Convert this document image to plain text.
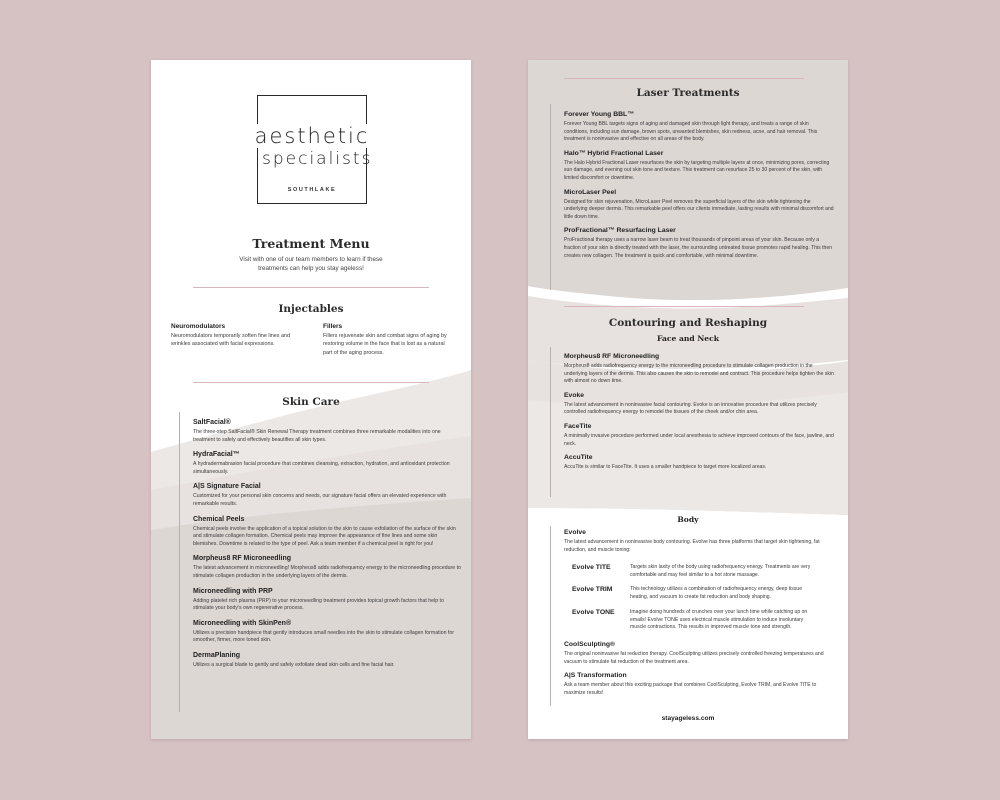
aesthetic
specialists
SOUTHLAKE
Treatment Menu
Visit with one of our team members to learn if these treatments can help you stay ageless!
Injectables
Neuromodulators
Neuromodulators temporarily soften fine lines and wrinkles associated with facial expressions.
Fillers
Fillers rejuvenate skin and combat signs of aging by restoring volume in the face that is lost as a natural part of the aging process.
Skin Care
SaltFacial®
The three-step SaltFacial® Skin Renewal Therapy treatment combines three remarkable modalities into one treatment to safely and effectively beautifies all skin types.
HydraFacial™
A hydradermabrasion facial procedure that combines cleansing, extraction, hydration, and antioxidant protection simultaneously.
A|S Signature Facial
Customized for your personal skin concerns and needs, our signature facial offers an elevated experience with remarkable results.
Chemical Peels
Chemical peels involve the application of a topical solution to the skin to cause exfoliation of the surface of the skin and stimulate collagen formation. Chemical peels may improve the appearance of fine lines and some skin blemishes. Downtime is related to the type of peel. Ask a team member if a chemical peel is right for you!
Morpheus8 RF Microneedling
The latest advancement in microneedling! Morpheus8 adds radiofrequency energy to the microneedling procedure to stimulate collagen production in the underlying layers of the dermis.
Microneedling with PRP
Adding platelet rich plasma (PRP) to your microneedling treatment provides topical growth factors that help to stimulate your body's own regenerative process.
Microneedling with SkinPen®
Utilizes a precision handpiece that gently introduces small needles into the skin to stimulate collagen formation for smoother, firmer, more toned skin.
DermaPlaning
Utilizes a surgical blade to gently and safely exfoliate dead skin cells and fine facial hair.
Laser Treatments
Forever Young BBL™
Forever Young BBL targets signs of aging and damaged skin through light therapy, and treats a range of skin conditions, including sun damage, brown spots, unwanted blemishes, skin redness, acne, and hair removal. This treatment is noninvasive and effective on all areas of the body.
Halo™ Hybrid Fractional Laser
The Halo Hybrid Fractional Laser resurfaces the skin by targeting multiple layers at once, minimizing pores, correcting sun damage, and evening out skin tone and texture. This treatment can resurface 25 to 30 percent of the skin, with limited discomfort or downtime.
MicroLaser Peel
Designed for skin rejuvenation, MicroLaser Peel removes the superficial layers of the skin while tightening the underlying deeper dermis. This remarkable peel offers our clients immediate, lasting results with minimal discomfort and little down time.
ProFractional™ Resurfacing Laser
ProFractional therapy uses a narrow laser beam to treat thousands of pinpoint areas of your skin. Because only a fraction of your skin is directly treated with the laser, the surrounding untreated tissue promotes rapid healing. This then creates new collagen. The treatment is quick and comfortable, with minimal downtime.
Contouring and Reshaping
Face and Neck
Morpheus8 RF Microneedling
Morpheus8 adds radiofrequency energy to the microneedling procedure to stimulate collagen production in the underlying layers of the dermis. This also causes the skin to remodel and contract. This procedure helps tighten the skin with almost no down time.
Evoke
The latest advancement in noninvasive facial contouring. Evoke is an innovative procedure that utilizes precisely controlled radiofrequency energy to remodel the tissues of the cheek and/or chin area.
FaceTite
A minimally invasive procedure performed under local anesthesia to achieve improved contours of the face, jawline, and neck.
AccuTite
AccuTite is similar to FaceTite. It uses a smaller handpiece to target more localized areas.
Body
Evolve
The latest advancement in noninvasive body contouring. Evolve has three platforms that target skin tightening, fat reduction, and muscle toning:
Evolve TITE	Targets skin laxity of the body using radiofrequency energy. Treatments are very comfortable and may feel similar to a hot stone massage.
Evolve TRIM	This technology utilizes a combination of radiofrequency energy, deep tissue heating, and vacuum to create fat reduction and body shaping.
Evolve TONE	Imagine doing hundreds of crunches over your lunch time while catching up on emails! Evolve TONE uses electrical muscle stimulation to induce involuntary muscle contractions. This results in improved muscle tone and strength.
CoolSculpting®
The original noninvasive fat reduction therapy. CoolSculpting utilizes precisely controlled freezing temperatures and vacuum to stimulate fat reduction of the treatment area.
A|S Transformation
Ask a team member about this exciting package that combines CoolSculpting, Evolve TRIM, and Evolve TITE to maximize results!
stayageless.com
